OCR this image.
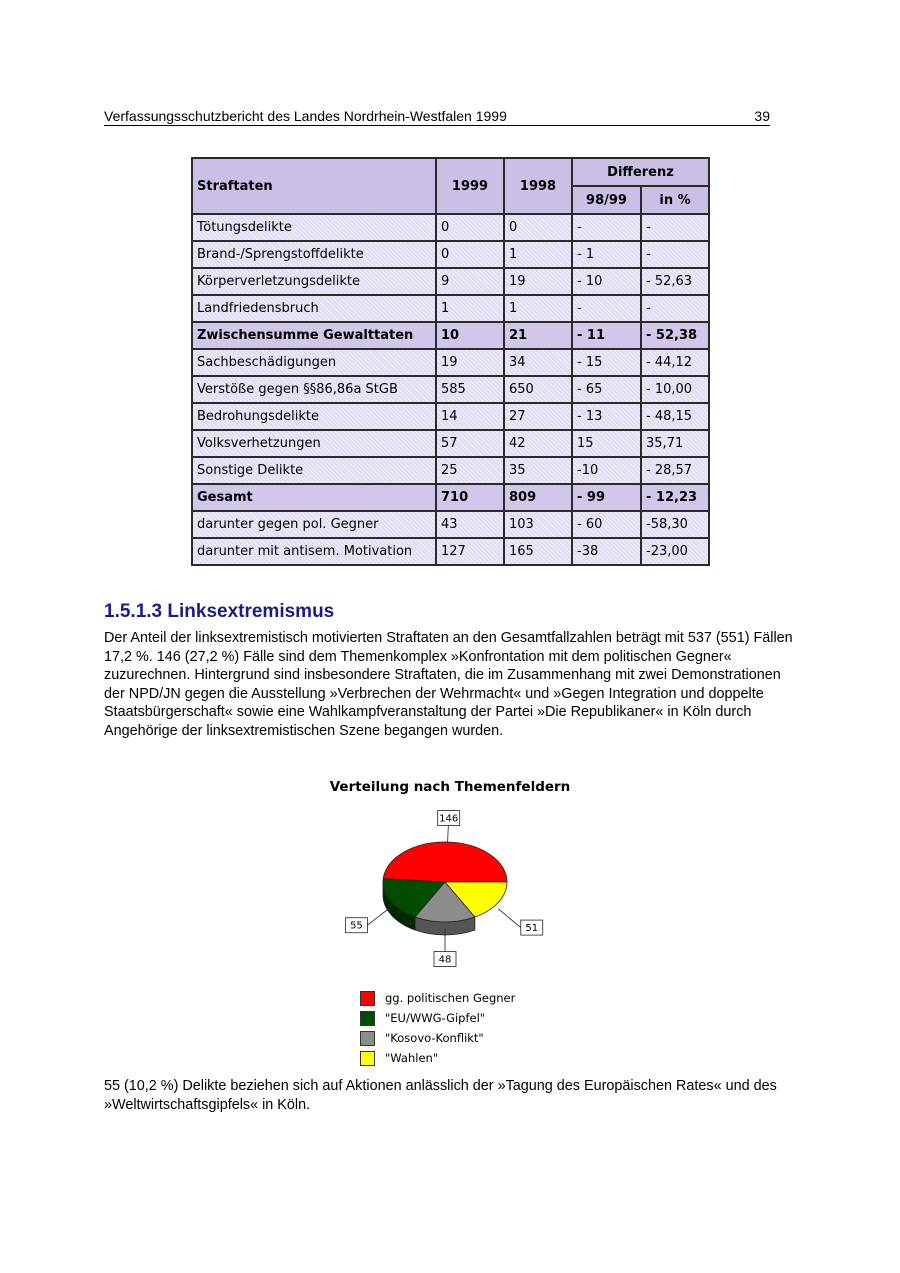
Verfassungsschutzbericht des Landes Nordrhein-Westfalen 1999	39
Straftaten	1999	1998	Differenz	
			98/99	in %
Tötungsdelikte	0	0	-	-
Brand-/Sprengstoffdelikte	0	1	- 1	-
Körperverletzungsdelikte	9	19	- 10	- 52,63
Landfriedensbruch	1	1	-	-
Zwischensumme Gewalttaten	10	21	- 11	- 52,38
Sachbeschädigungen	19	34	- 15	- 44,12
Verstöße gegen §§86,86a StGB	585	650	- 65	- 10,00
Bedrohungsdelikte	14	27	- 13	- 48,15
Volksverhetzungen	57	42	15	35,71
Sonstige Delikte	25	35	-10	- 28,57
Gesamt	710	809	- 99	- 12,23
darunter gegen pol. Gegner	43	103	- 60	-58,30
darunter mit antisem. Motivation	127	165	-38	-23,00
1.5.1.3 Linksextremismus
Der Anteil der linksextremistisch motivierten Straftaten an den Gesamtfallzahlen beträgt mit 537 (551) Fällen 17,2 %. 146 (27,2 %) Fälle sind dem Themenkomplex »Konfrontation mit dem politischen Gegner« zuzurechnen. Hintergrund sind insbesondere Straftaten, die im Zusammenhang mit zwei Demonstrationen der NPD/JN gegen die Ausstellung »Verbrechen der Wehrmacht« und »Gegen Integration und doppelte Staatsbürgerschaft« sowie eine Wahlkampfveranstaltung der Partei »Die Republikaner« in Köln durch Angehörige der linksextremistischen Szene begangen wurden.
Verteilung nach Themenfeldern
146
55
48
51
gg. politischen Gegner
"EU/WWG-Gipfel"
"Kosovo-Konflikt"
"Wahlen"
55 (10,2 %) Delikte beziehen sich auf Aktionen anlässlich der »Tagung des Europäischen Rates« und des »Weltwirtschaftsgipfels« in Köln.
